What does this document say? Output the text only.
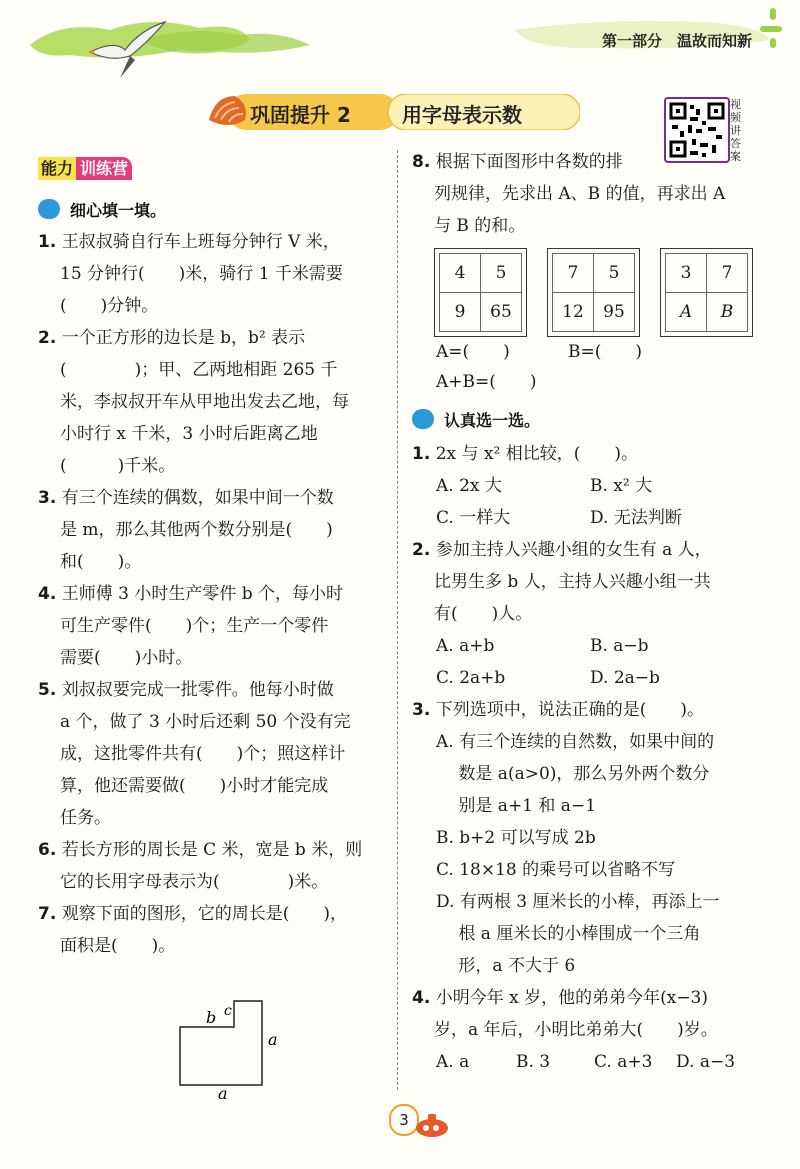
第一部分　温故而知新
巩固提升 2	用字母表示数	视频讲答案
能力 训练营
细心填一填。
1. 王叔叔骑自行车上班每分钟行 V 米，
15 分钟行(　　)米，骑行 1 千米需要
(　　)分钟。
2. 一个正方形的边长是 b，b² 表示
(　　　　)；甲、乙两地相距 265 千
米，李叔叔开车从甲地出发去乙地，每
小时行 x 千米，3 小时后距离乙地
(　　　)千米。
3. 有三个连续的偶数，如果中间一个数
是 m，那么其他两个数分别是(　　)
和(　　)。
4. 王师傅 3 小时生产零件 b 个，每小时
可生产零件(　　)个；生产一个零件
需要(　　)小时。
5. 刘叔叔要完成一批零件。他每小时做
a 个，做了 3 小时后还剩 50 个没有完
成，这批零件共有(　　)个；照这样计
算，他还需要做(　　)小时才能完成
任务。
6. 若长方形的周长是 C 米，宽是 b 米，则
它的长用字母表示为(　　　　)米。
7. 观察下面的图形，它的周长是(　　)，
面积是(　　)。
b c
a
a
8. 根据下面图形中各数的排
列规律，先求出 A、B 的值，再求出 A
与 B 的和。
4	5
9	65
7	5
12	95
3	7
A	B
A=(　　)	B=(　　)
A+B=(　　)
认真选一选。
1. 2x 与 x² 相比较，(　　)。
A. 2x 大	B. x² 大
C. 一样大	D. 无法判断
2. 参加主持人兴趣小组的女生有 a 人，
比男生多 b 人，主持人兴趣小组一共
有(　　)人。
A. a+b	B. a−b
C. 2a+b	D. 2a−b
3. 下列选项中，说法正确的是(　　)。
A. 有三个连续的自然数，如果中间的
　 数是 a(a>0)，那么另外两个数分
　 别是 a+1 和 a−1
B. b+2 可以写成 2b
C. 18×18 的乘号可以省略不写
D. 有两根 3 厘米长的小棒，再添上一
　 根 a 厘米长的小棒围成一个三角
　 形，a 不大于 6
4. 小明今年 x 岁，他的弟弟今年(x−3)
岁，a 年后，小明比弟弟大(　　)岁。
A. a	B. 3	C. a+3	D. a−3
3
